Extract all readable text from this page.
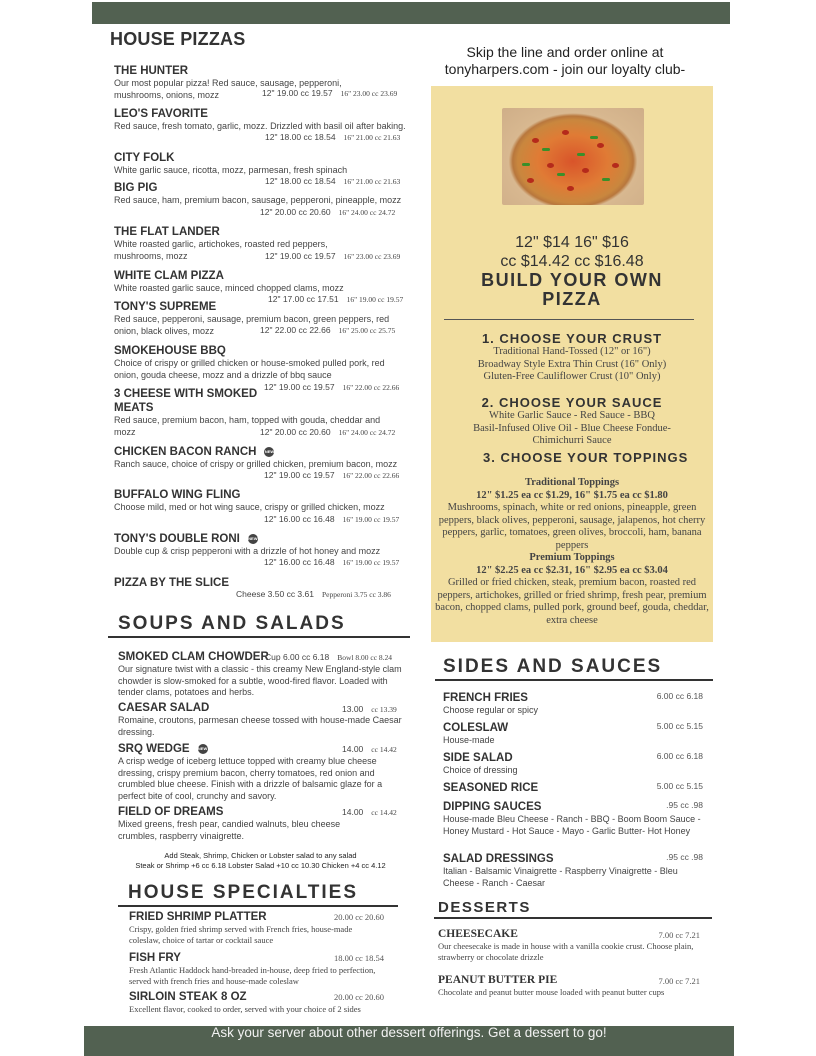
HOUSE PIZZAS
THE HUNTER
Our most popular pizza! Red sauce, sausage, pepperoni, mushrooms, onions, mozz	12" 19.00 cc 19.57 16" 23.00 cc 23.69
LEO'S FAVORITE
Red sauce, fresh tomato, garlic, mozz. Drizzled with basil oil after baking.
12" 18.00 cc 18.54 16" 21.00 cc 21.63
CITY FOLK
White garlic sauce, ricotta, mozz, parmesan, fresh spinach
12" 18.00 cc 18.54 16" 21.00 cc 21.63
BIG PIG
Red sauce, ham, premium bacon, sausage, pepperoni, pineapple, mozz
12" 20.00 cc 20.60 16" 24.00 cc 24.72
THE FLAT LANDER
White roasted garlic, artichokes, roasted red peppers, mushrooms, mozz	12" 19.00 cc 19.57 16" 23.00 cc 23.69
WHITE CLAM PIZZA
White roasted garlic sauce, minced chopped clams, mozz
12" 17.00 cc 17.51 16" 19.00 cc 19.57
TONY'S SUPREME
Red sauce, pepperoni, sausage, premium bacon, green peppers, red onion, black olives, mozz	12" 22.00 cc 22.66 16" 25.00 cc 25.75
SMOKEHOUSE BBQ
Choice of crispy or grilled chicken or house-smoked pulled pork, red onion, gouda cheese, mozz and a drizzle of bbq sauce
12" 19.00 cc 19.57 16" 22.00 cc 22.66
3 CHEESE WITH SMOKED MEATS
Red sauce, premium bacon, ham, topped with gouda, cheddar and mozz	12" 20.00 cc 20.60 16" 24.00 cc 24.72
CHICKEN BACON RANCH NEW
Ranch sauce, choice of crispy or grilled chicken, premium bacon, mozz
12" 19.00 cc 19.57 16" 22.00 cc 22.66
BUFFALO WING FLING
Choose mild, med or hot wing sauce, crispy or grilled chicken, mozz
12" 16.00 cc 16.48 16" 19.00 cc 19.57
TONY'S DOUBLE RONI NEW
Double cup & crisp pepperoni with a drizzle of hot honey and mozz
12" 16.00 cc 16.48 16" 19.00 cc 19.57
PIZZA BY THE SLICE
Cheese 3.50 cc 3.61 Pepperoni 3.75 cc 3.86
Skip the line and order online at
tonyharpers.com - join our loyalty club-
12" $14 16" $16
cc $14.42 cc $16.48
BUILD YOUR OWN
PIZZA
1. CHOOSE YOUR CRUST
Traditional Hand-Tossed (12" or 16")
Broadway Style Extra Thin Crust (16" Only)
Gluten-Free Cauliflower Crust (10" Only)
2. CHOOSE YOUR SAUCE
White Garlic Sauce - Red Sauce - BBQ
Basil-Infused Olive Oil - Blue Cheese Fondue-
Chimichurri Sauce
3. CHOOSE YOUR TOPPINGS
Traditional Toppings
12" $1.25 ea cc $1.29, 16" $1.75 ea cc $1.80
Mushrooms, spinach, white or red onions, pineapple, green peppers, black olives, pepperoni, sausage, jalapenos, hot cherry peppers, garlic, tomatoes, green olives, broccoli, ham, banana peppers
Premium Toppings
12" $2.25 ea cc $2.31, 16" $2.95 ea cc $3.04
Grilled or fried chicken, steak, premium bacon, roasted red peppers, artichokes, grilled or fried shrimp, fresh pear, premium bacon, chopped clams, pulled pork, ground beef, gouda, cheddar, extra cheese
SOUPS AND SALADS
SMOKED CLAM CHOWDER
Our signature twist with a classic - this creamy New England-style clam chowder is slow-smoked for a subtle, wood-fired flavor. Loaded with tender clams, potatoes and herbs.
Cup 6.00 cc 6.18 Bowl 8.00 cc 8.24
CAESAR SALAD
Romaine, croutons, parmesan cheese tossed with house-made Caesar dressing.
13.00 cc 13.39
SRQ WEDGE NEW
A crisp wedge of iceberg lettuce topped with creamy blue cheese dressing, crispy premium bacon, cherry tomatoes, red onion and crumbled blue cheese. Finish with a drizzle of balsamic glaze for a perfect bite of cool, crunchy and savory.
14.00 cc 14.42
FIELD OF DREAMS
Mixed greens, fresh pear, candied walnuts, bleu cheese crumbles, raspberry vinaigrette.
14.00 cc 14.42
Add Steak, Shrimp, Chicken or Lobster salad to any salad
Steak or Shrimp +6 cc 6.18 Lobster Salad +10 cc 10.30 Chicken +4 cc 4.12
HOUSE SPECIALTIES
FRIED SHRIMP PLATTER
Crispy, golden fried shrimp served with French fries, house-made coleslaw, choice of tartar or cocktail sauce
20.00 cc 20.60
FISH FRY
Fresh Atlantic Haddock hand-breaded in-house, deep fried to perfection, served with french fries and house-made coleslaw
18.00 cc 18.54
SIRLOIN STEAK 8 OZ
Excellent flavor, cooked to order, served with your choice of 2 sides
20.00 cc 20.60
SIDES AND SAUCES
FRENCH FRIES
Choose regular or spicy
6.00 cc 6.18
COLESLAW
House-made
5.00 cc 5.15
SIDE SALAD
Choice of dressing
6.00 cc 6.18
SEASONED RICE	5.00 cc 5.15
DIPPING SAUCES
House-made Bleu Cheese - Ranch - BBQ - Boom Boom Sauce - Honey Mustard - Hot Sauce - Mayo - Garlic Butter- Hot Honey
.95 cc .98
SALAD DRESSINGS
Italian - Balsamic Vinaigrette - Raspberry Vinaigrette - Bleu Cheese - Ranch - Caesar
.95 cc .98
DESSERTS
CHEESECAKE
Our cheesecake is made in house with a vanilla cookie crust. Choose plain, strawberry or chocolate drizzle
7.00 cc 7.21
PEANUT BUTTER PIE
Chocolate and peanut butter mouse loaded with peanut butter cups
7.00 cc 7.21
Ask your server about other dessert offerings. Get a dessert to go!
